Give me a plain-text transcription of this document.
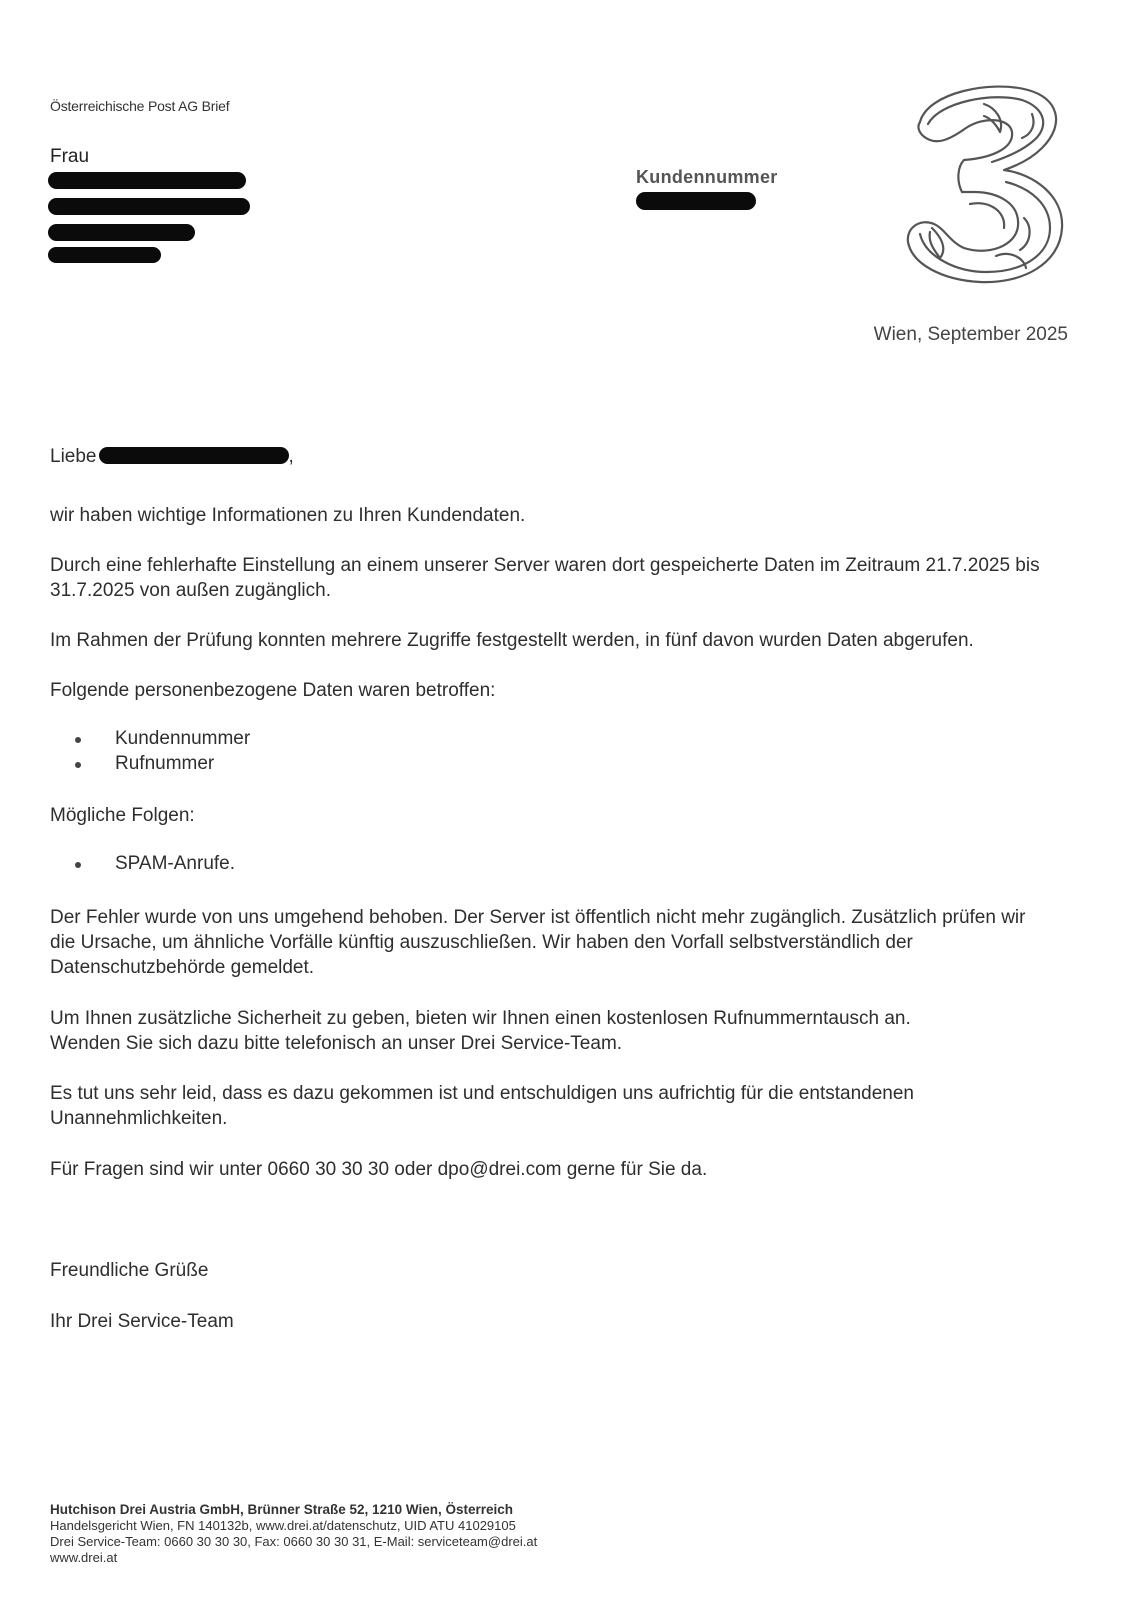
Österreichische Post AG Brief
Frau
Kundennummer
Wien, September 2025
Liebe	,

wir haben wichtige Informationen zu Ihren Kundendaten.

Durch eine fehlerhafte Einstellung an einem unserer Server waren dort gespeicherte Daten im Zeitraum 21.7.2025 bis 31.7.2025 von außen zugänglich.

Im Rahmen der Prüfung konnten mehrere Zugriffe festgestellt werden, in fünf davon wurden Daten abgerufen.

Folgende personenbezogene Daten waren betroffen:

Kundennummer
Rufnummer

Mögliche Folgen:

SPAM-Anrufe.

Der Fehler wurde von uns umgehend behoben. Der Server ist öffentlich nicht mehr zugänglich. Zusätzlich prüfen wir die Ursache, um ähnliche Vorfälle künftig auszuschließen. Wir haben den Vorfall selbstverständlich der Datenschutzbehörde gemeldet.

Um Ihnen zusätzliche Sicherheit zu geben, bieten wir Ihnen einen kostenlosen Rufnummerntausch an. Wenden Sie sich dazu bitte telefonisch an unser Drei Service-Team.

Es tut uns sehr leid, dass es dazu gekommen ist und entschuldigen uns aufrichtig für die entstandenen Unannehmlichkeiten.

Für Fragen sind wir unter 0660 30 30 30 oder dpo@drei.com gerne für Sie da.

Freundliche Grüße

Ihr Drei Service-Team

Hutchison Drei Austria GmbH, Brünner Straße 52, 1210 Wien, Österreich
Handelsgericht Wien, FN 140132b, www.drei.at/datenschutz, UID ATU 41029105
Drei Service-Team: 0660 30 30 30, Fax: 0660 30 30 31, E-Mail: serviceteam@drei.at
www.drei.at
